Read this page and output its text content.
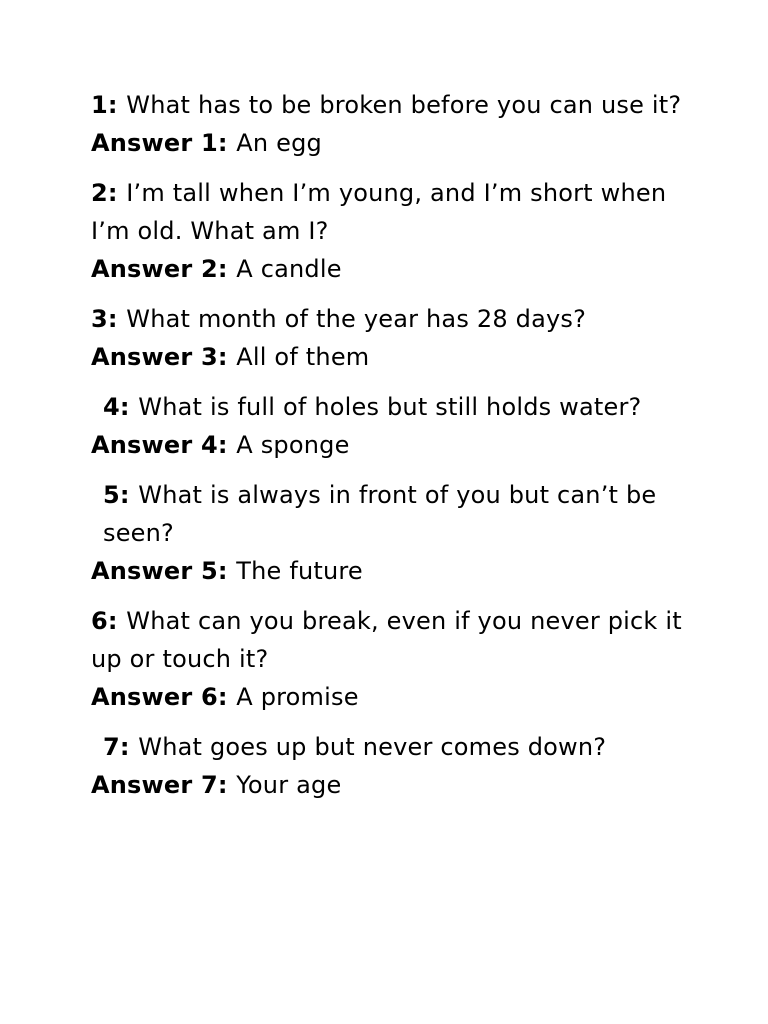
1: What has to be broken before you can use it?
Answer 1: An egg
2: I’m tall when I’m young, and I’m short when I’m old. What am I?
Answer 2: A candle
3: What month of the year has 28 days?
Answer 3: All of them
4: What is full of holes but still holds water?
Answer 4: A sponge
5: What is always in front of you but can’t be seen?
Answer 5: The future
6: What can you break, even if you never pick it up or touch it?
Answer 6: A promise
7: What goes up but never comes down?
Answer 7: Your age
